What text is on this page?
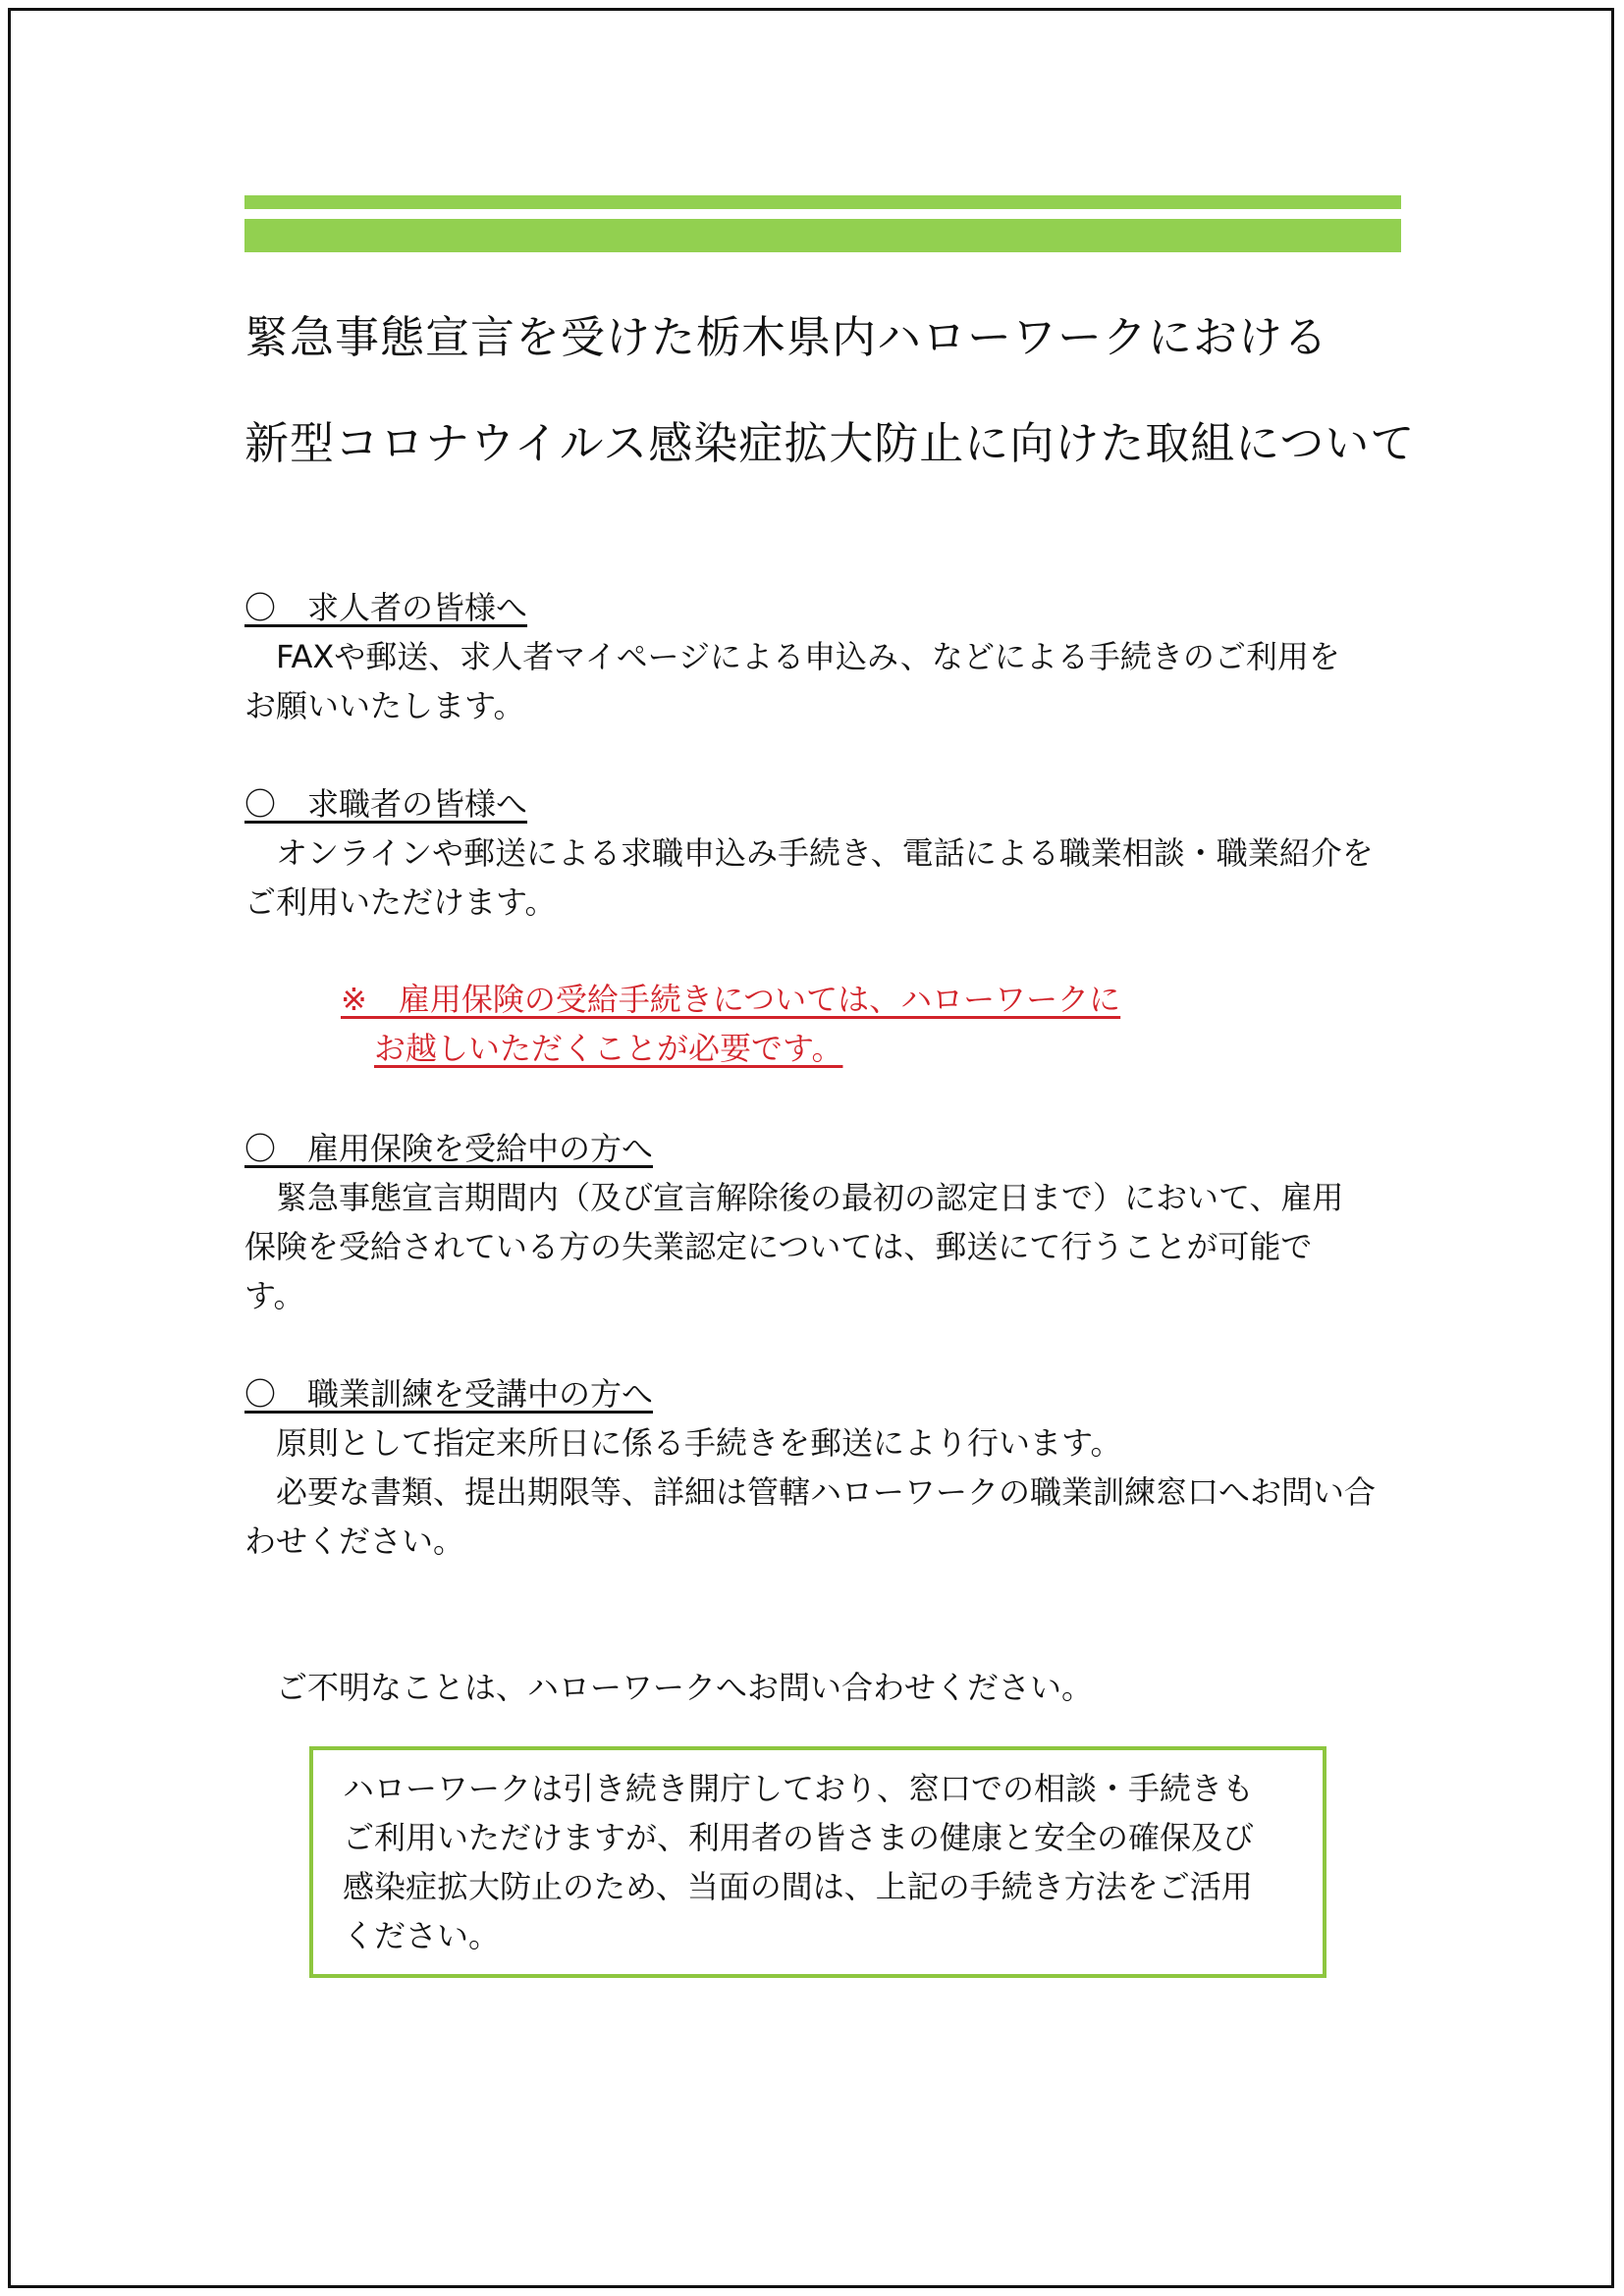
緊急事態宣言を受けた栃木県内ハローワークにおける
新型コロナウイルス感染症拡大防止に向けた取組について
〇　求人者の皆様へ
FAXや郵送、求人者マイページによる申込み、などによる手続きのご利用を
お願いいたします。
〇　求職者の皆様へ
オンラインや郵送による求職申込み手続き、電話による職業相談・職業紹介を
ご利用いただけます。
※　雇用保険の受給手続きについては、ハローワークに
お越しいただくことが必要です。
〇　雇用保険を受給中の方へ
緊急事態宣言期間内（及び宣言解除後の最初の認定日まで）において、雇用
保険を受給されている方の失業認定については、郵送にて行うことが可能で
す。
〇　職業訓練を受講中の方へ
原則として指定来所日に係る手続きを郵送により行います。
必要な書類、提出期限等、詳細は管轄ハローワークの職業訓練窓口へお問い合
わせください。
ご不明なことは、ハローワークへお問い合わせください。
ハローワークは引き続き開庁しており、窓口での相談・手続きも
ご利用いただけますが、利用者の皆さまの健康と安全の確保及び
感染症拡大防止のため、当面の間は、上記の手続き方法をご活用
ください。
